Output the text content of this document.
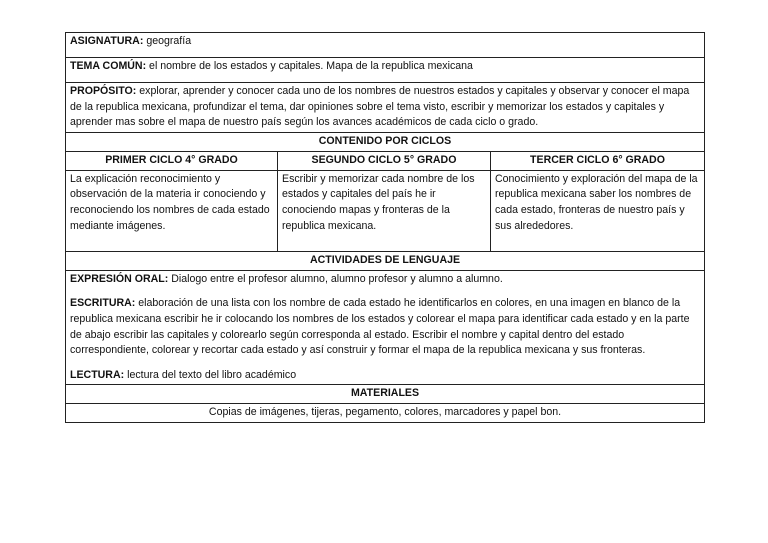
ASIGNATURA: geografía		
TEMA COMÚN: el nombre de los estados y capitales. Mapa de la republica mexicana		
PROPÓSITO: explorar, aprender y conocer cada uno de los nombres de nuestros estados y capitales y observar y conocer el mapa de la republica mexicana, profundizar el tema, dar opiniones sobre el tema visto, escribir y memorizar los estados y capitales y aprender mas sobre el mapa de nuestro país según los avances académicos de cada ciclo o grado.		
CONTENIDO POR CICLOS		
PRIMER CICLO 4° GRADO	SEGUNDO CICLO 5° GRADO	TERCER CICLO 6° GRADO
La explicación reconocimiento y observación de la materia ir conociendo y reconociendo los nombres de cada estado mediante imágenes.	Escribir y memorizar cada nombre de los estados y capitales del país he ir conociendo mapas y fronteras de la republica mexicana.	Conocimiento y exploración del mapa de la republica mexicana saber los nombres de cada estado, fronteras de nuestro país y sus alrededores.
ACTIVIDADES DE LENGUAJE		

EXPRESIÓN ORAL: Dialogo entre el profesor alumno, alumno profesor y alumno a alumno.

ESCRITURA: elaboración de una lista con los nombre de cada estado he identificarlos en colores, en una imagen en blanco de la republica mexicana escribir he ir colocando los nombres de los estados y colorear el mapa para identificar cada estado y en la parte de abajo escribir las capitales y colorearlo según corresponda al estado. Escribir el nombre y capital dentro del estado correspondiente, colorear y recortar cada estado y así construir y formar el mapa de la republica mexicana y sus fronteras.

LECTURA: lectura del texto del libro académico		

MATERIALES		
Copias de imágenes, tijeras, pegamento, colores, marcadores y papel bon.		
